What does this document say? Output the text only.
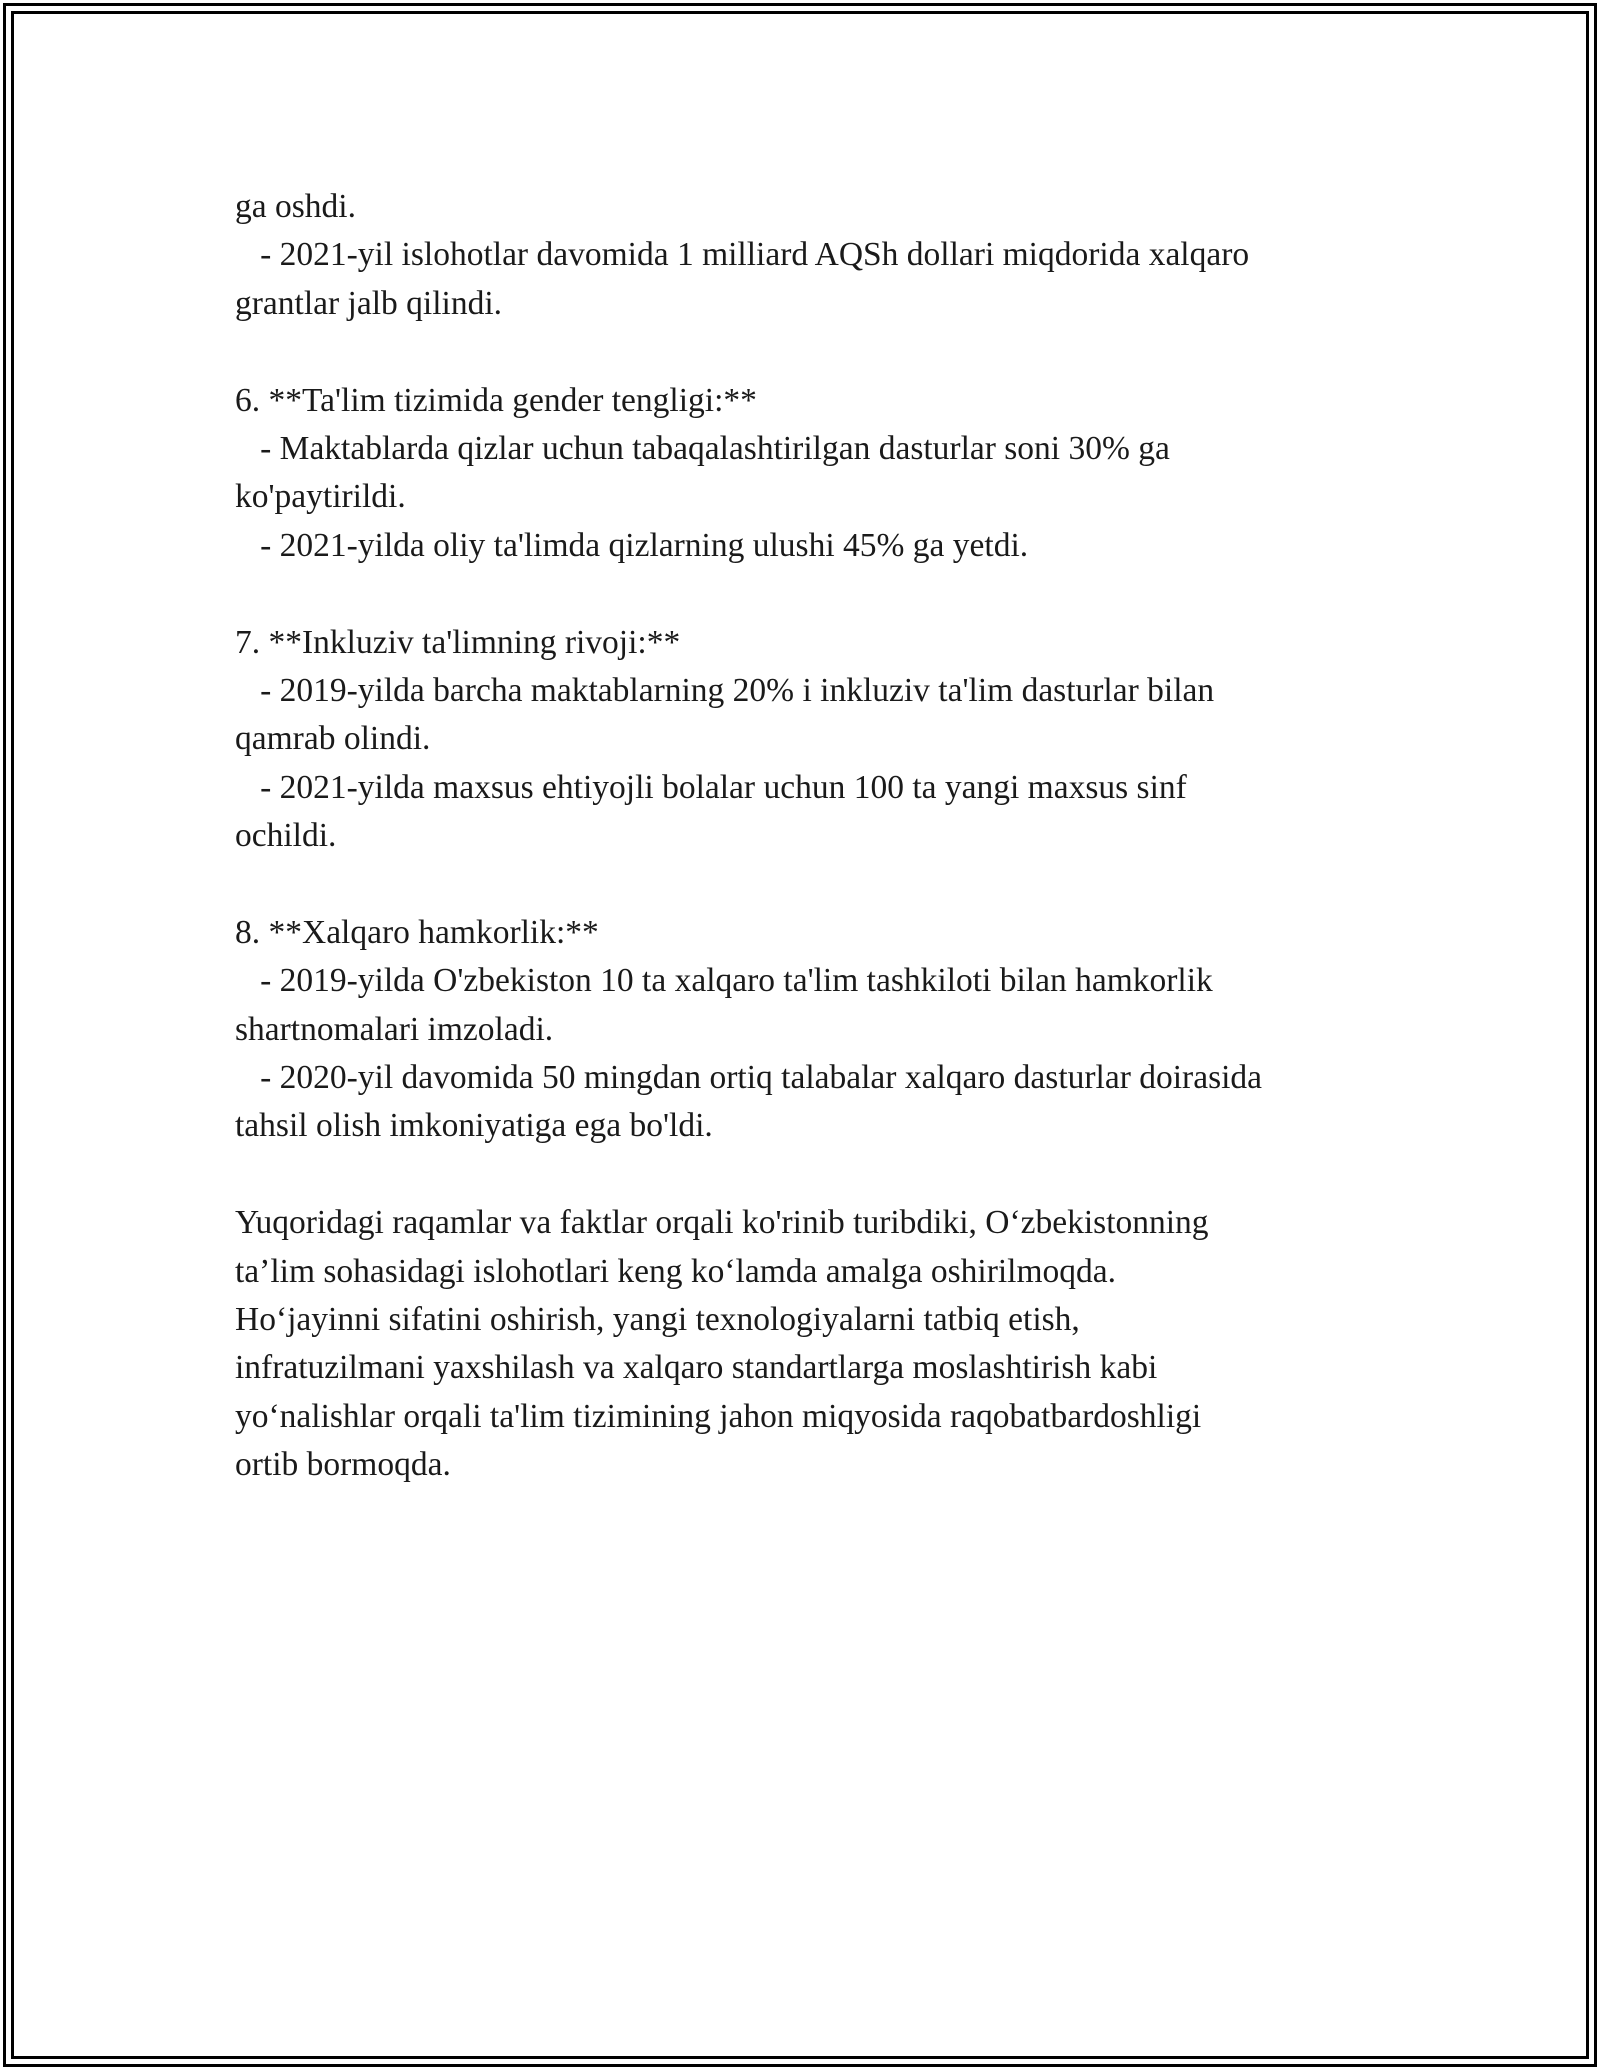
ga oshdi.

- 2021-yil islohotlar davomida 1 milliard AQSh dollari miqdorida xalqaro

grantlar jalb qilindi.

6. **Ta'lim tizimida gender tengligi:**

- Maktablarda qizlar uchun tabaqalashtirilgan dasturlar soni 30% ga

ko'paytirildi.

- 2021-yilda oliy ta'limda qizlarning ulushi 45% ga yetdi.

7. **Inkluziv ta'limning rivoji:**

- 2019-yilda barcha maktablarning 20% i inkluziv ta'lim dasturlar bilan

qamrab olindi.

- 2021-yilda maxsus ehtiyojli bolalar uchun 100 ta yangi maxsus sinf

ochildi.

8. **Xalqaro hamkorlik:**

- 2019-yilda O'zbekiston 10 ta xalqaro ta'lim tashkiloti bilan hamkorlik

shartnomalari imzoladi.

- 2020-yil davomida 50 mingdan ortiq talabalar xalqaro dasturlar doirasida

tahsil olish imkoniyatiga ega bo'ldi.

Yuqoridagi raqamlar va faktlar orqali ko'rinib turibdiki, O‘zbekistonning

ta’lim sohasidagi islohotlari keng ko‘lamda amalga oshirilmoqda.

Ho‘jayinni sifatini oshirish, yangi texnologiyalarni tatbiq etish,

infratuzilmani yaxshilash va xalqaro standartlarga moslashtirish kabi

yo‘nalishlar orqali ta'lim tizimining jahon miqyosida raqobatbardoshligi

ortib bormoqda.
